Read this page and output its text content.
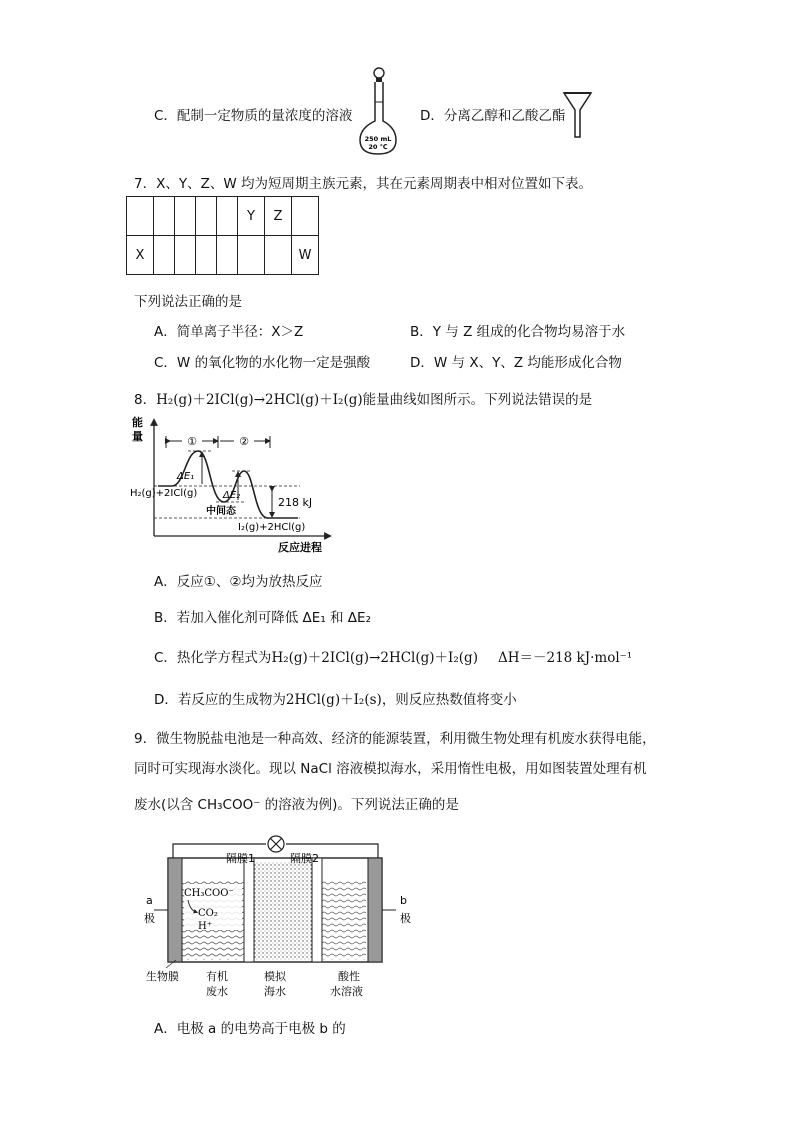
C．配制一定物质的量浓度的溶液
250 mL
20 ℃
D．分离乙醇和乙酸乙酯
7．X、Y、Z、W 均为短周期主族元素，其在元素周期表中相对位置如下表。
					Y	Z	
X							W
下列说法正确的是
A．简单离子半径：X＞Z	B．Y 与 Z 组成的化合物均易溶于水
C．W 的氧化物的水化物一定是强酸	D．W 与 X、Y、Z 均能形成化合物
8．H₂(g)＋2ICl(g)→2HCl(g)＋I₂(g)能量曲线如图所示。下列说法错误的是
能
量
反应进程
①	②
ΔE₁
ΔE₂
218 kJ
H₂(g)+2ICl(g)
中间态
I₂(g)+2HCl(g)
A．反应①、②均为放热反应
B．若加入催化剂可降低 ΔE₁ 和 ΔE₂
C．热化学方程式为H₂(g)＋2ICl(g)→2HCl(g)＋I₂(g) ΔH＝－218 kJ·mol⁻¹
D．若反应的生成物为2HCl(g)＋I₂(s)，则反应热数值将变小
9．微生物脱盐电池是一种高效、经济的能源装置，利用微生物处理有机废水获得电能，
同时可实现海水淡化。现以 NaCl 溶液模拟海水，采用惰性电极，用如图装置处理有机
废水(以含 CH₃COO⁻ 的溶液为例)。下列说法正确的是
隔膜1	隔膜2
a
极
b
极
CH₃COO⁻
CO₂
H⁺
生物膜 有机
废水
模拟
海水
酸性
水溶液
A．电极 a 的电势高于电极 b 的
